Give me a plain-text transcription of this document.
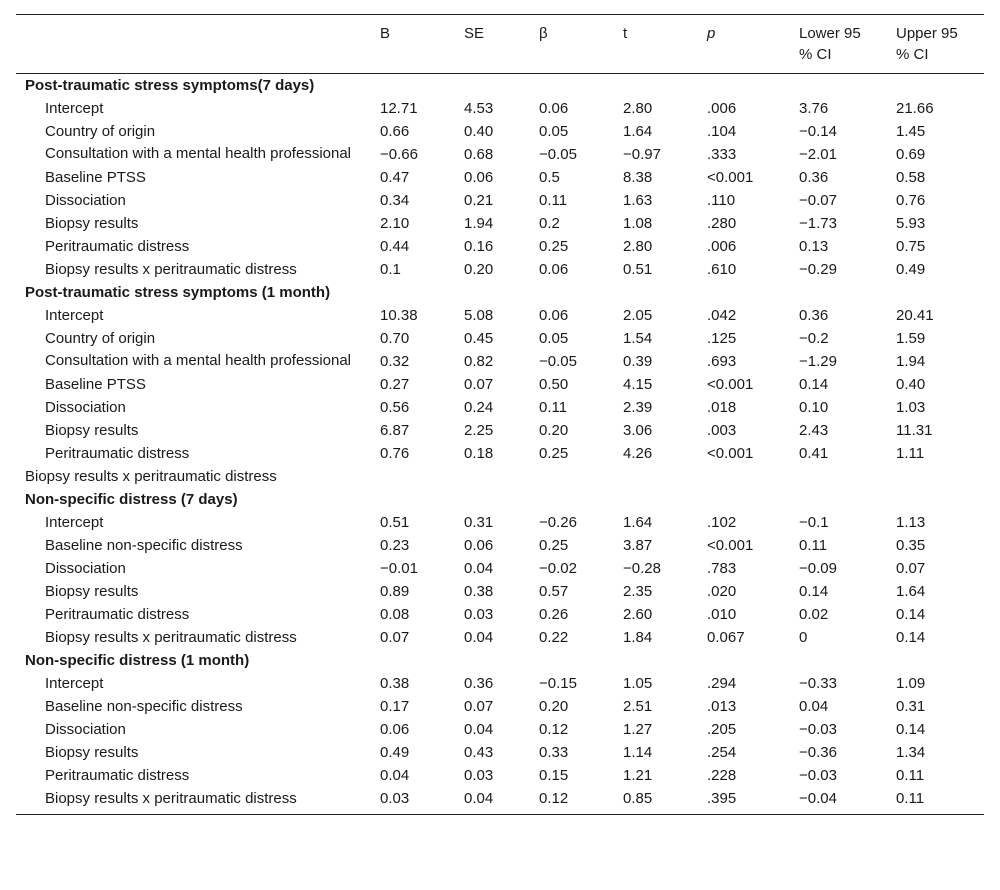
	B	SE	β	t	p	Lower 95
% CI	Upper 95
% CI
Post-traumatic stress symptoms(7 days)							
Intercept	12.71	4.53	0.06	2.80	.006	3.76	21.66
Country of origin	0.66	0.40	0.05	1.64	.104	−0.14	1.45
Consultation with a mental health professional	−0.66	0.68	−0.05	−0.97	.333	−2.01	0.69
Baseline PTSS	0.47	0.06	0.5	8.38	<0.001	0.36	0.58
Dissociation	0.34	0.21	0.11	1.63	.110	−0.07	0.76
Biopsy results	2.10	1.94	0.2	1.08	.280	−1.73	5.93
Peritraumatic distress	0.44	0.16	0.25	2.80	.006	0.13	0.75
Biopsy results x peritraumatic distress	0.1	0.20	0.06	0.51	.610	−0.29	0.49
Post-traumatic stress symptoms (1 month)							
Intercept	10.38	5.08	0.06	2.05	.042	0.36	20.41
Country of origin	0.70	0.45	0.05	1.54	.125	−0.2	1.59
Consultation with a mental health professional	0.32	0.82	−0.05	0.39	.693	−1.29	1.94
Baseline PTSS	0.27	0.07	0.50	4.15	<0.001	0.14	0.40
Dissociation	0.56	0.24	0.11	2.39	.018	0.10	1.03
Biopsy results	6.87	2.25	0.20	3.06	.003	2.43	11.31
Peritraumatic distress	0.76	0.18	0.25	4.26	<0.001	0.41	1.11
Biopsy results x peritraumatic distress							
Non-specific distress (7 days)							
Intercept	0.51	0.31	−0.26	1.64	.102	−0.1	1.13
Baseline non-specific distress	0.23	0.06	0.25	3.87	<0.001	0.11	0.35
Dissociation	−0.01	0.04	−0.02	−0.28	.783	−0.09	0.07
Biopsy results	0.89	0.38	0.57	2.35	.020	0.14	1.64
Peritraumatic distress	0.08	0.03	0.26	2.60	.010	0.02	0.14
Biopsy results x peritraumatic distress	0.07	0.04	0.22	1.84	0.067	0	0.14
Non-specific distress (1 month)							
Intercept	0.38	0.36	−0.15	1.05	.294	−0.33	1.09
Baseline non-specific distress	0.17	0.07	0.20	2.51	.013	0.04	0.31
Dissociation	0.06	0.04	0.12	1.27	.205	−0.03	0.14
Biopsy results	0.49	0.43	0.33	1.14	.254	−0.36	1.34
Peritraumatic distress	0.04	0.03	0.15	1.21	.228	−0.03	0.11
Biopsy results x peritraumatic distress	0.03	0.04	0.12	0.85	.395	−0.04	0.11
